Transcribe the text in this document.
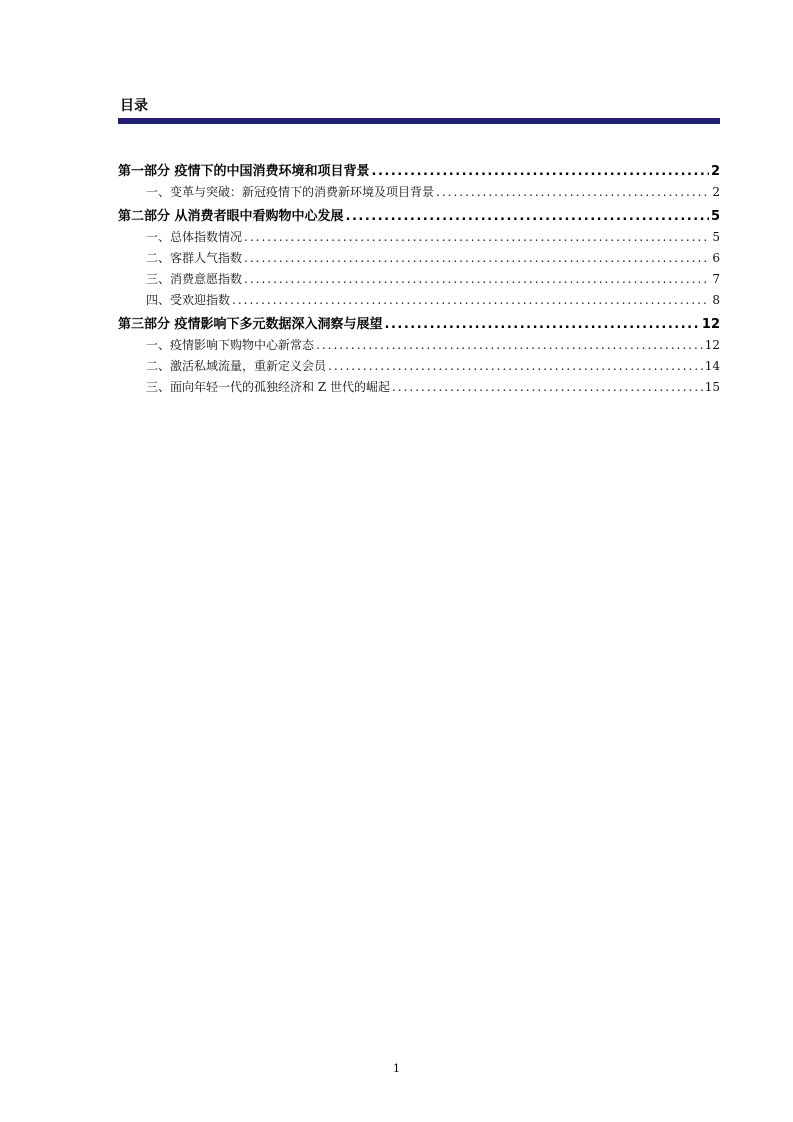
目录
第一部分 疫情下的中国消费环境和项目背景 .....	2
一、变革与突破：新冠疫情下的消费新环境及项目背景 .....	2
第二部分 从消费者眼中看购物中心发展 .....	5
一、总体指数情况 .....	5
二、客群人气指数 .....	6
三、消费意愿指数 .....	7
四、受欢迎指数 .....	8
第三部分 疫情影响下多元数据深入洞察与展望 .....	12
一、疫情影响下购物中心新常态 .....	12
二、激活私域流量，重新定义会员 .....	14
三、面向年轻一代的孤独经济和 Z 世代的崛起 .....	15
1
